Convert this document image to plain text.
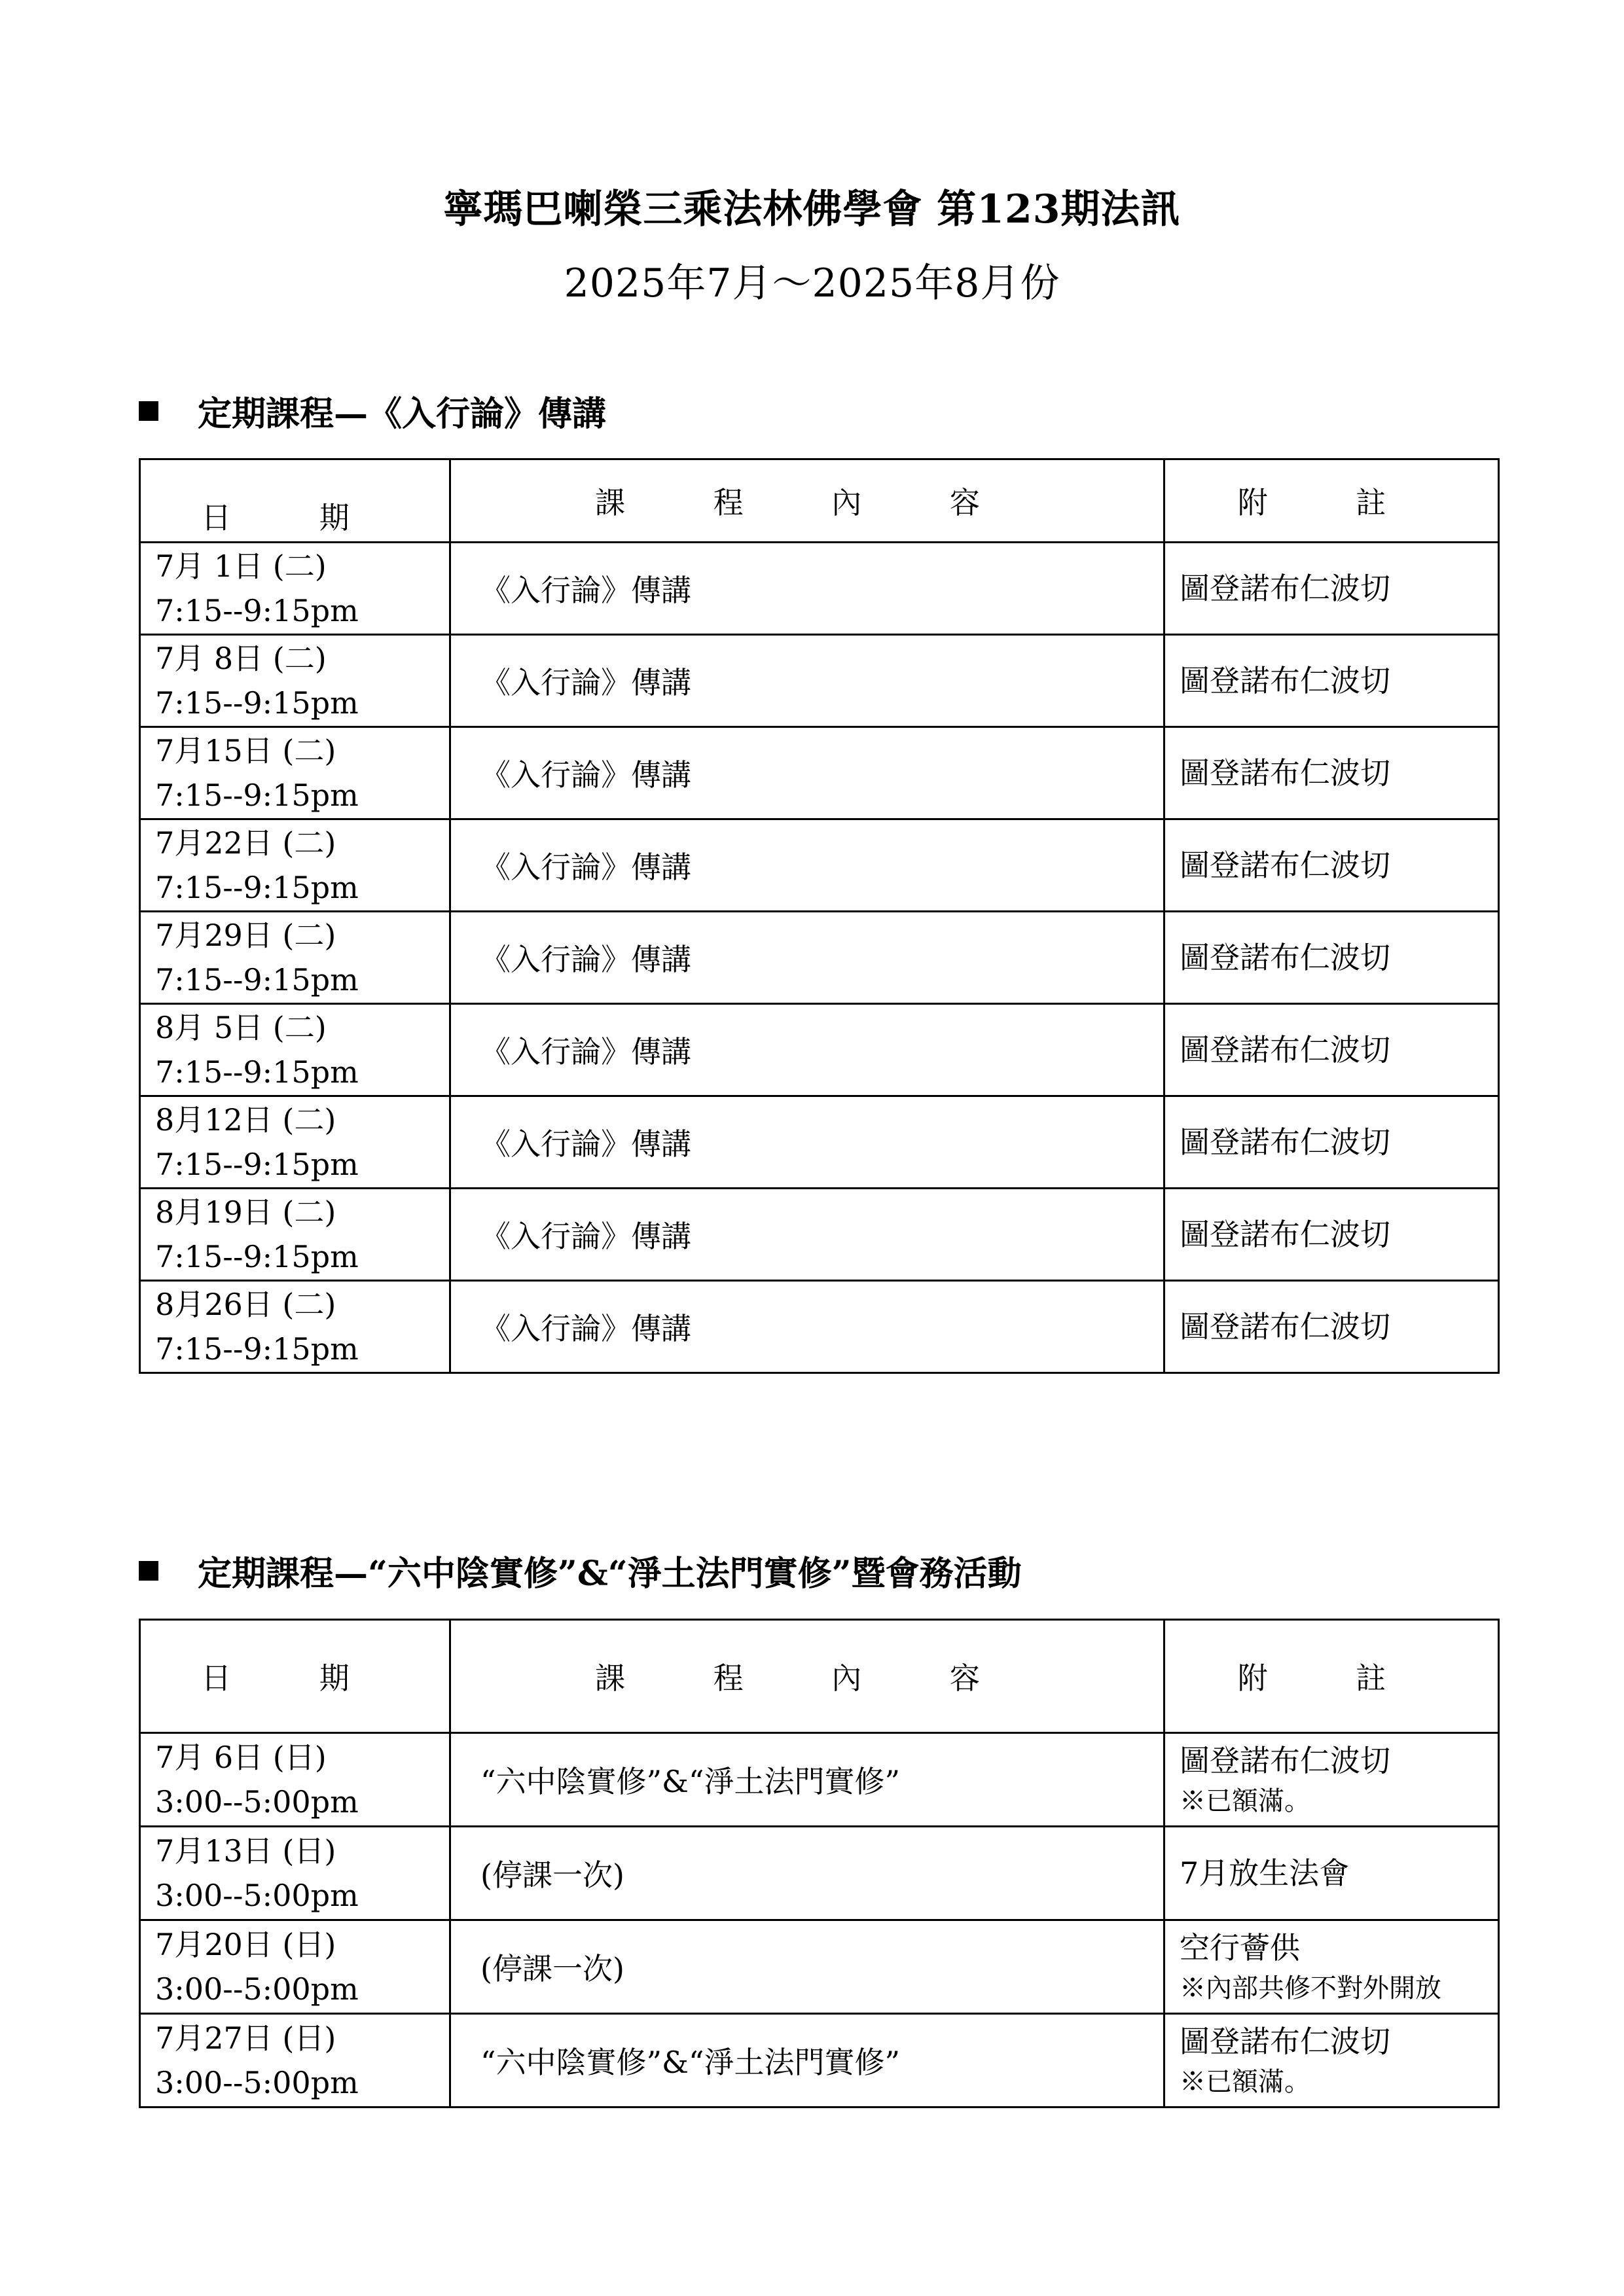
寧瑪巴喇榮三乘法林佛學會 第123期法訊
2025年7月～2025年8月份
定期課程—《入行論》傳講
日 期	課 程 內 容	附 註

7月 1日 (二)
7:15--9:15pm	《入行論》傳講	圖登諾布仁波切

7月 8日 (二)
7:15--9:15pm	《入行論》傳講	圖登諾布仁波切

7月15日 (二)
7:15--9:15pm	《入行論》傳講	圖登諾布仁波切

7月22日 (二)
7:15--9:15pm	《入行論》傳講	圖登諾布仁波切

7月29日 (二)
7:15--9:15pm	《入行論》傳講	圖登諾布仁波切

8月 5日 (二)
7:15--9:15pm	《入行論》傳講	圖登諾布仁波切

8月12日 (二)
7:15--9:15pm	《入行論》傳講	圖登諾布仁波切

8月19日 (二)
7:15--9:15pm	《入行論》傳講	圖登諾布仁波切

8月26日 (二)
7:15--9:15pm	《入行論》傳講	圖登諾布仁波切
定期課程—“六中陰實修”&“淨土法門實修”暨會務活動
日 期	課 程 內 容	附 註

7月 6日 (日)
3:00--5:00pm	“六中陰實修”&“淨土法門實修”	圖登諾布仁波切
※已額滿。

7月13日 (日)
3:00--5:00pm	(停課一次)	7月放生法會

7月20日 (日)
3:00--5:00pm	(停課一次)	空行薈供
※內部共修不對外開放

7月27日 (日)
3:00--5:00pm	“六中陰實修”&“淨土法門實修”	圖登諾布仁波切
※已額滿。
